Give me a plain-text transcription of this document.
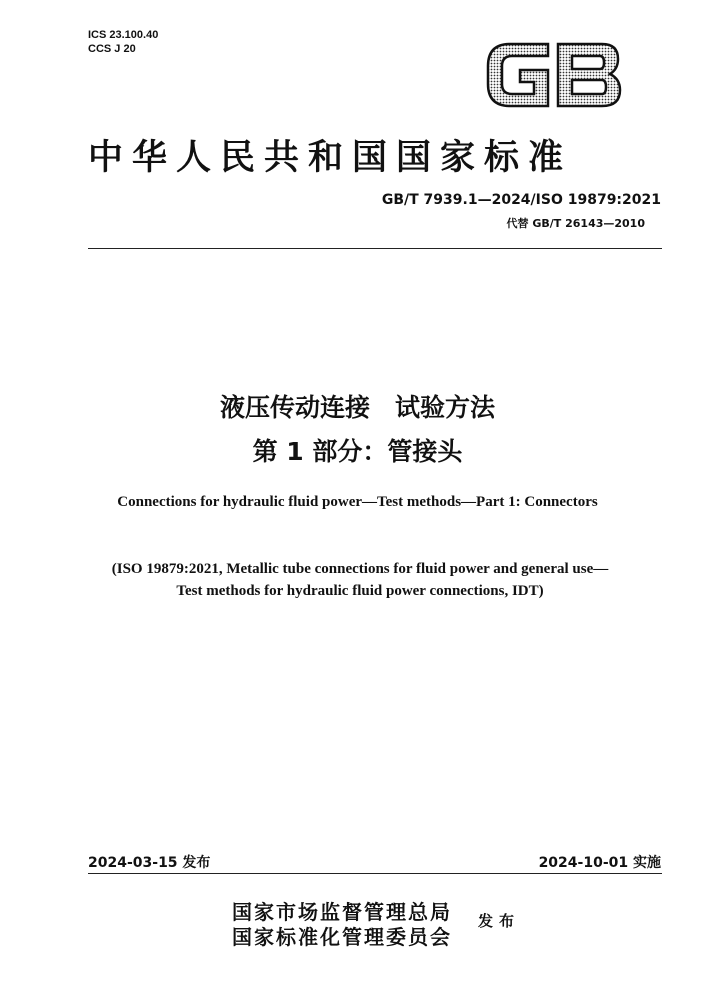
ICS 23.100.40
CCS J 20
GB
中华人民共和国国家标准
GB/T 7939.1—2024/ISO 19879:2021
代替 GB/T 26143—2010
液压传动连接　试验方法
第 1 部分：管接头
Connections for hydraulic fluid power—Test methods—Part 1: Connectors
(ISO 19879:2021, Metallic tube connections for fluid power and general use—
Test methods for hydraulic fluid power connections, IDT)
2024-03-15 发布	2024-10-01 实施
国家市场监督管理总局
国家标准化管理委员会
发布
